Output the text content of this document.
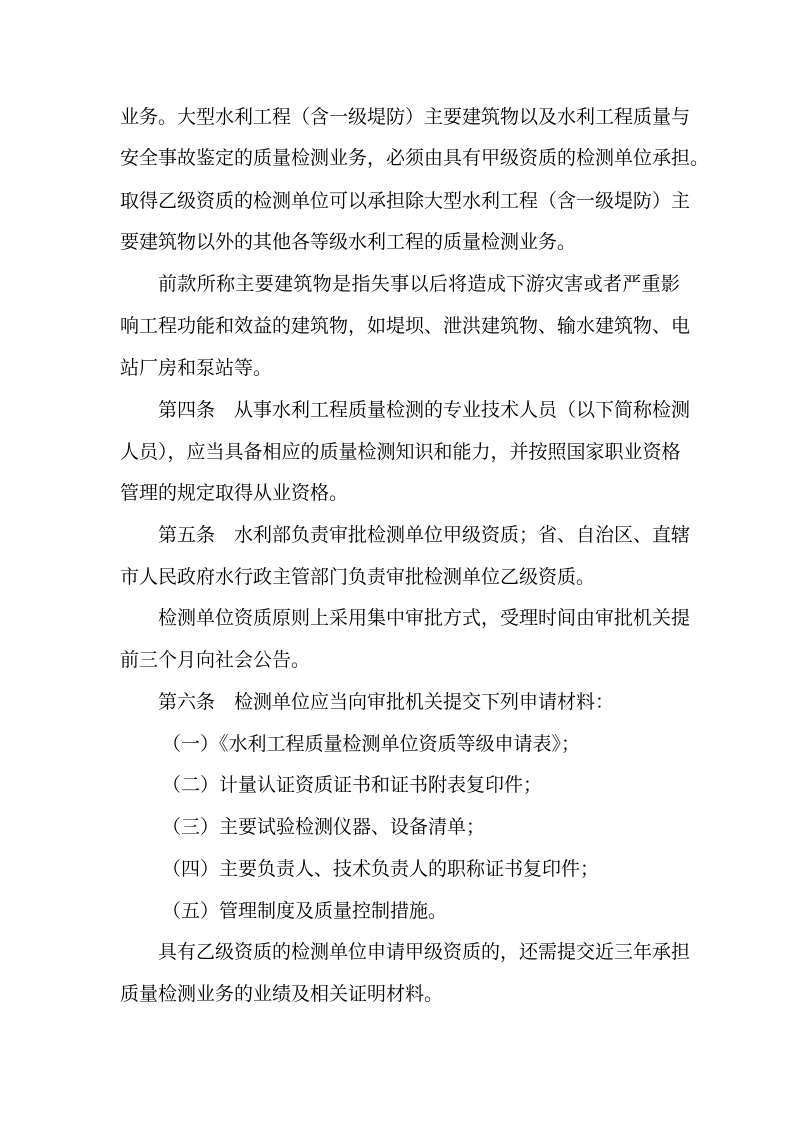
业务。大型水利工程（含一级堤防）主要建筑物以及水利工程质量与
安全事故鉴定的质量检测业务，必须由具有甲级资质的检测单位承担。
取得乙级资质的检测单位可以承担除大型水利工程（含一级堤防）主
要建筑物以外的其他各等级水利工程的质量检测业务。
前款所称主要建筑物是指失事以后将造成下游灾害或者严重影
响工程功能和效益的建筑物，如堤坝、泄洪建筑物、输水建筑物、电
站厂房和泵站等。
第四条　从事水利工程质量检测的专业技术人员（以下简称检测
人员），应当具备相应的质量检测知识和能力，并按照国家职业资格
管理的规定取得从业资格。
第五条　水利部负责审批检测单位甲级资质；省、自治区、直辖
市人民政府水行政主管部门负责审批检测单位乙级资质。
检测单位资质原则上采用集中审批方式，受理时间由审批机关提
前三个月向社会公告。
第六条　检测单位应当向审批机关提交下列申请材料：
（一）《水利工程质量检测单位资质等级申请表》；
（二）计量认证资质证书和证书附表复印件；
（三）主要试验检测仪器、设备清单；
（四）主要负责人、技术负责人的职称证书复印件；
（五）管理制度及质量控制措施。
具有乙级资质的检测单位申请甲级资质的，还需提交近三年承担
质量检测业务的业绩及相关证明材料。
